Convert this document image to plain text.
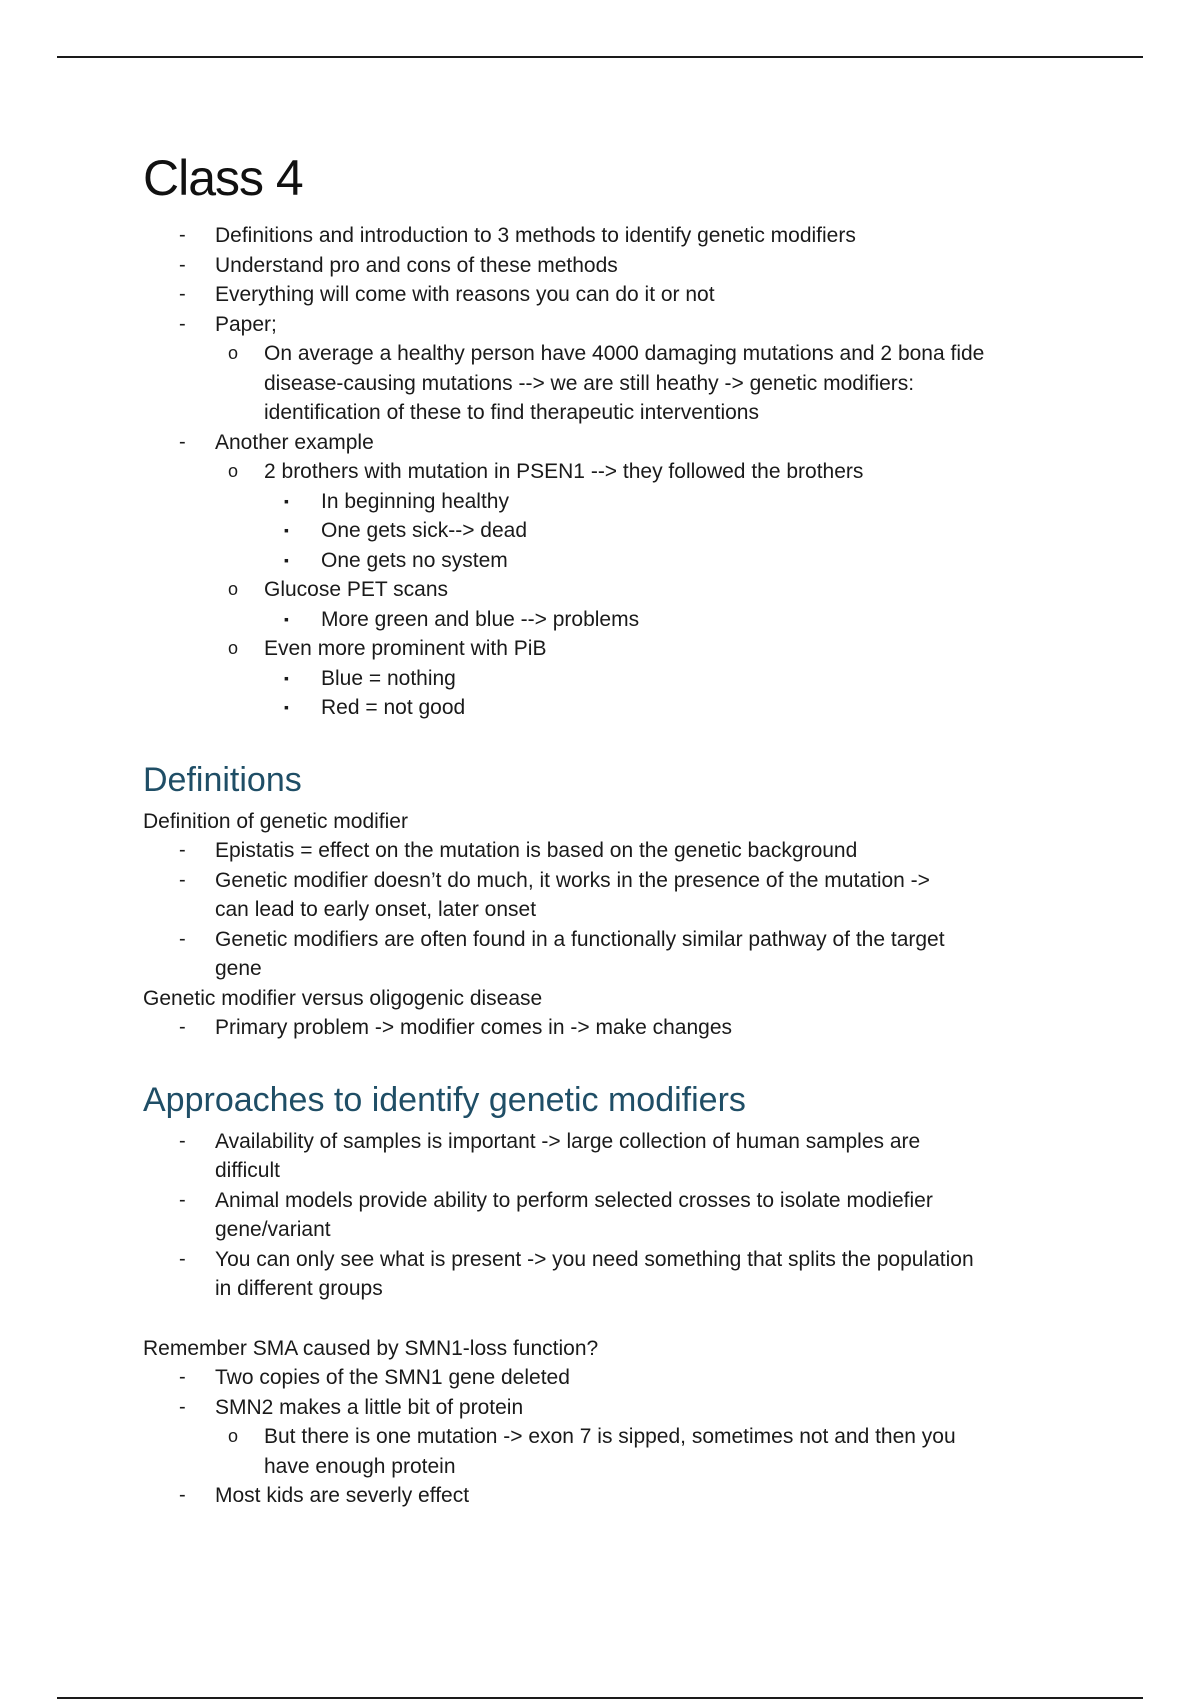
Class 4
- Definitions and introduction to 3 methods to identify genetic modifiers
- Understand pro and cons of these methods
- Everything will come with reasons you can do it or not
- Paper;
o On average a healthy person have 4000 damaging mutations and 2 bona fide
disease-causing mutations --> we are still heathy -> genetic modifiers:
identification of these to find therapeutic interventions
- Another example
o 2 brothers with mutation in PSEN1 --> they followed the brothers
▪ In beginning healthy
▪ One gets sick--> dead
▪ One gets no system
o Glucose PET scans
▪ More green and blue --> problems
o Even more prominent with PiB
▪ Blue = nothing
▪ Red = not good
Definitions
Definition of genetic modifier
- Epistatis = effect on the mutation is based on the genetic background
- Genetic modifier doesn’t do much, it works in the presence of the mutation ->
can lead to early onset, later onset
- Genetic modifiers are often found in a functionally similar pathway of the target
gene
Genetic modifier versus oligogenic disease
- Primary problem -> modifier comes in -> make changes
Approaches to identify genetic modifiers
- Availability of samples is important -> large collection of human samples are
difficult
- Animal models provide ability to perform selected crosses to isolate modiefier
gene/variant
- You can only see what is present -> you need something that splits the population
in different groups
Remember SMA caused by SMN1-loss function?
- Two copies of the SMN1 gene deleted
- SMN2 makes a little bit of protein
o But there is one mutation -> exon 7 is sipped, sometimes not and then you
have enough protein
- Most kids are severly effect
